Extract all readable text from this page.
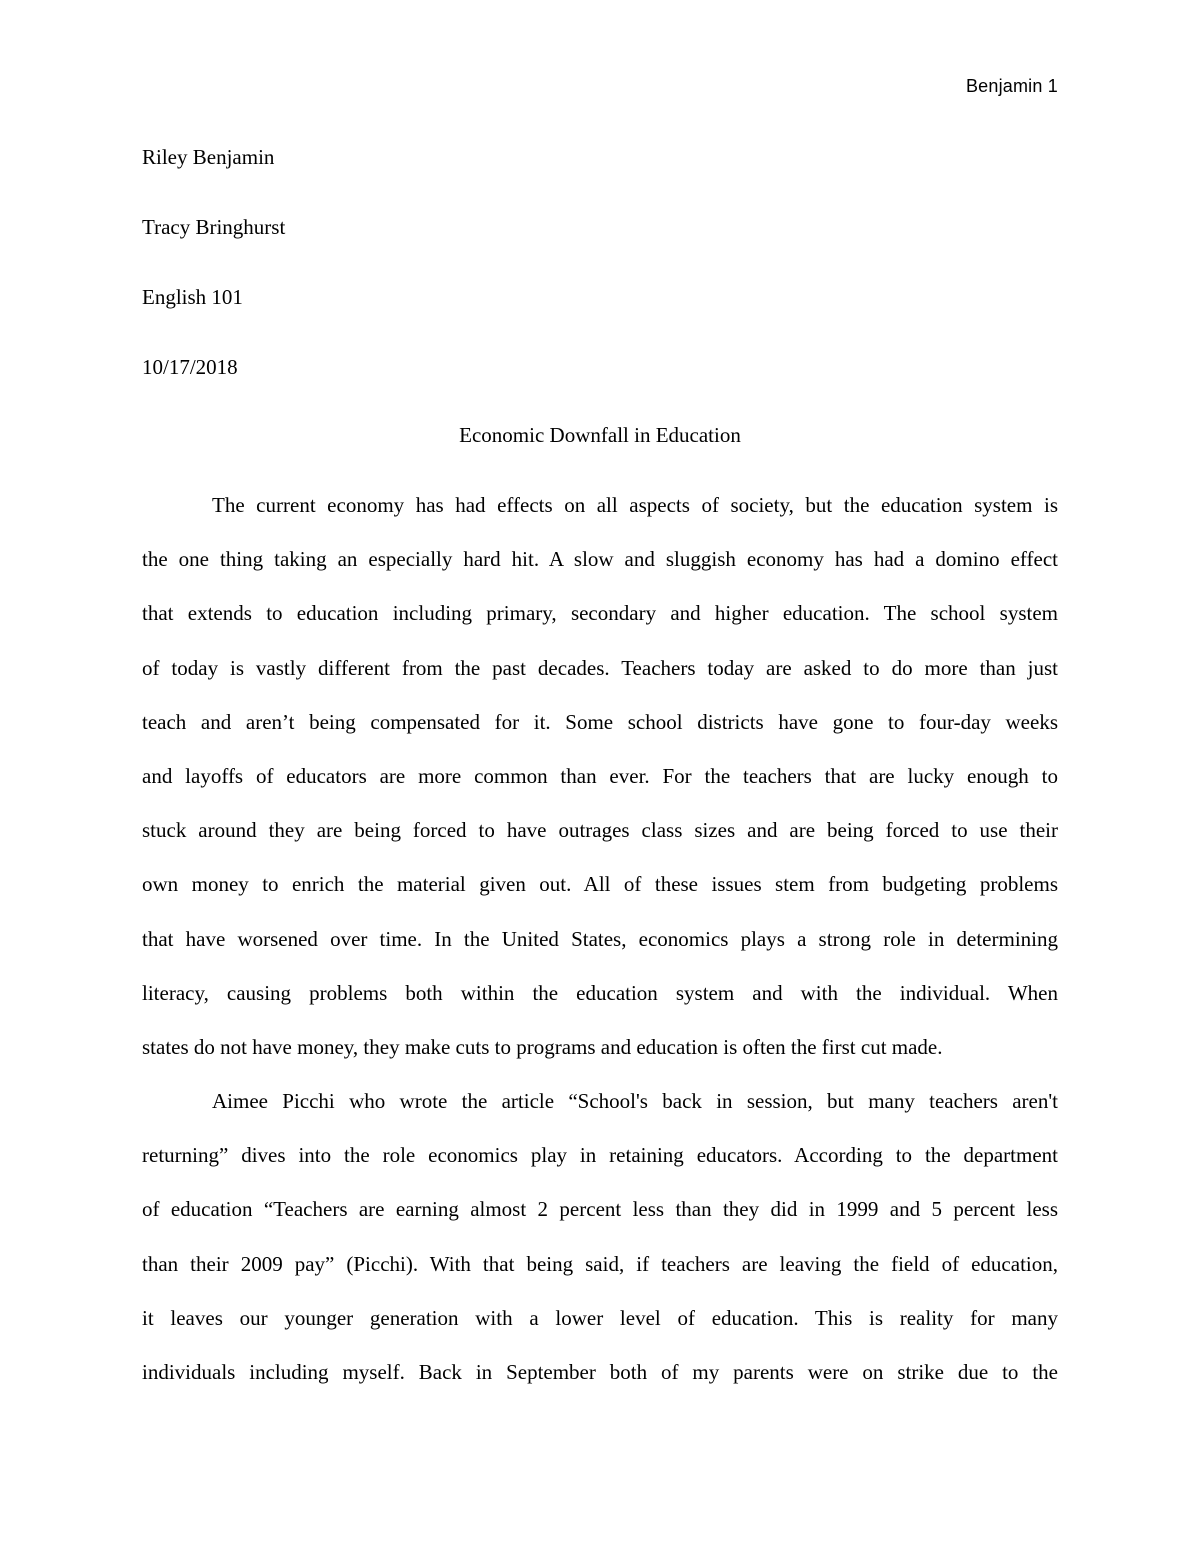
Benjamin 1
Riley Benjamin
Tracy Bringhurst
English 101
10/17/2018
Economic Downfall in Education
The current economy has had effects on all aspects of society, but the education system is
the one thing taking an especially hard hit. A slow and sluggish economy has had a domino effect
that extends to education including primary, secondary and higher education. The school system
of today is vastly different from the past decades. Teachers today are asked to do more than just
teach and aren’t being compensated for it. Some school districts have gone to four-day weeks
and layoffs of educators are more common than ever. For the teachers that are lucky enough to
stuck around they are being forced to have outrages class sizes and are being forced to use their
own money to enrich the material given out. All of these issues stem from budgeting problems
that have worsened over time. In the United States, economics plays a strong role in determining
literacy, causing problems both within the education system and with the individual. When
states do not have money, they make cuts to programs and education is often the first cut made.
Aimee Picchi who wrote the article “School's back in session, but many teachers aren't
returning” dives into the role economics play in retaining educators. According to the department
of education “Teachers are earning almost 2 percent less than they did in 1999 and 5 percent less
than their 2009 pay” (Picchi). With that being said, if teachers are leaving the field of education,
it leaves our younger generation with a lower level of education. This is reality for many
individuals including myself. Back in September both of my parents were on strike due to the
